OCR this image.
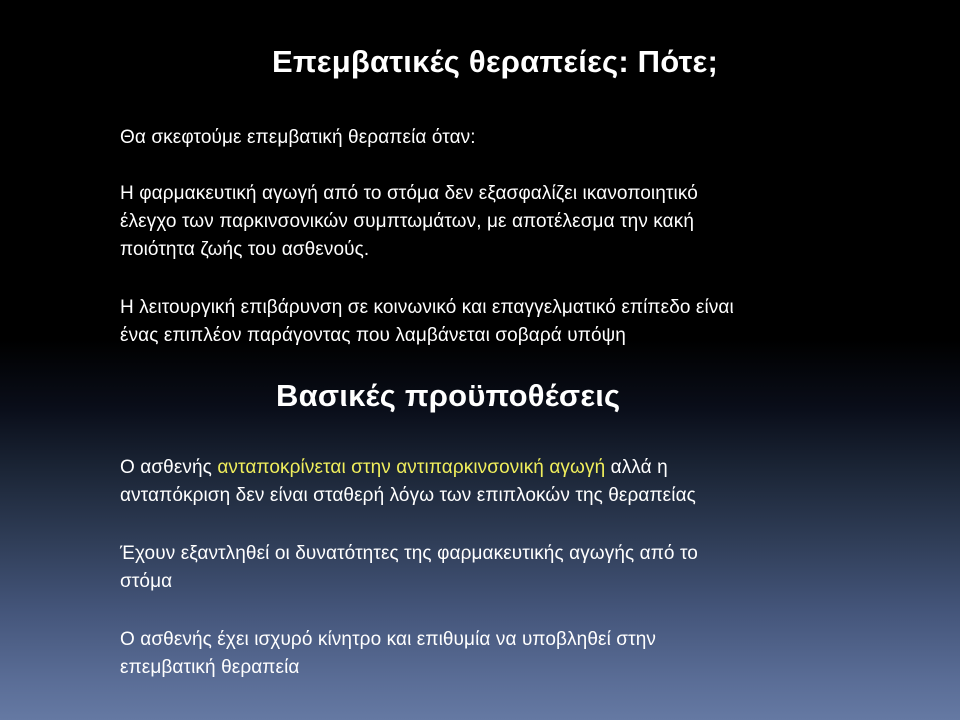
Επεμβατικές θεραπείες: Πότε;
Θα σκεφτούμε επεμβατική θεραπεία όταν:
Η φαρμακευτική αγωγή από το στόμα δεν εξασφαλίζει ικανοποιητικό
έλεγχο των παρκινσονικών συμπτωμάτων, με αποτέλεσμα την κακή
ποιότητα ζωής του ασθενούς.
Η λειτουργική επιβάρυνση σε κοινωνικό και επαγγελματικό επίπεδο είναι
ένας επιπλέον παράγοντας που λαμβάνεται σοβαρά υπόψη
Βασικές προϋποθέσεις
Ο ασθενής ανταποκρίνεται στην αντιπαρκινσονική αγωγή αλλά η
ανταπόκριση δεν είναι σταθερή λόγω των επιπλοκών της θεραπείας
Έχουν εξαντληθεί οι δυνατότητες της φαρμακευτικής αγωγής από το
στόμα
Ο ασθενής έχει ισχυρό κίνητρο και επιθυμία να υποβληθεί στην
επεμβατική θεραπεία
